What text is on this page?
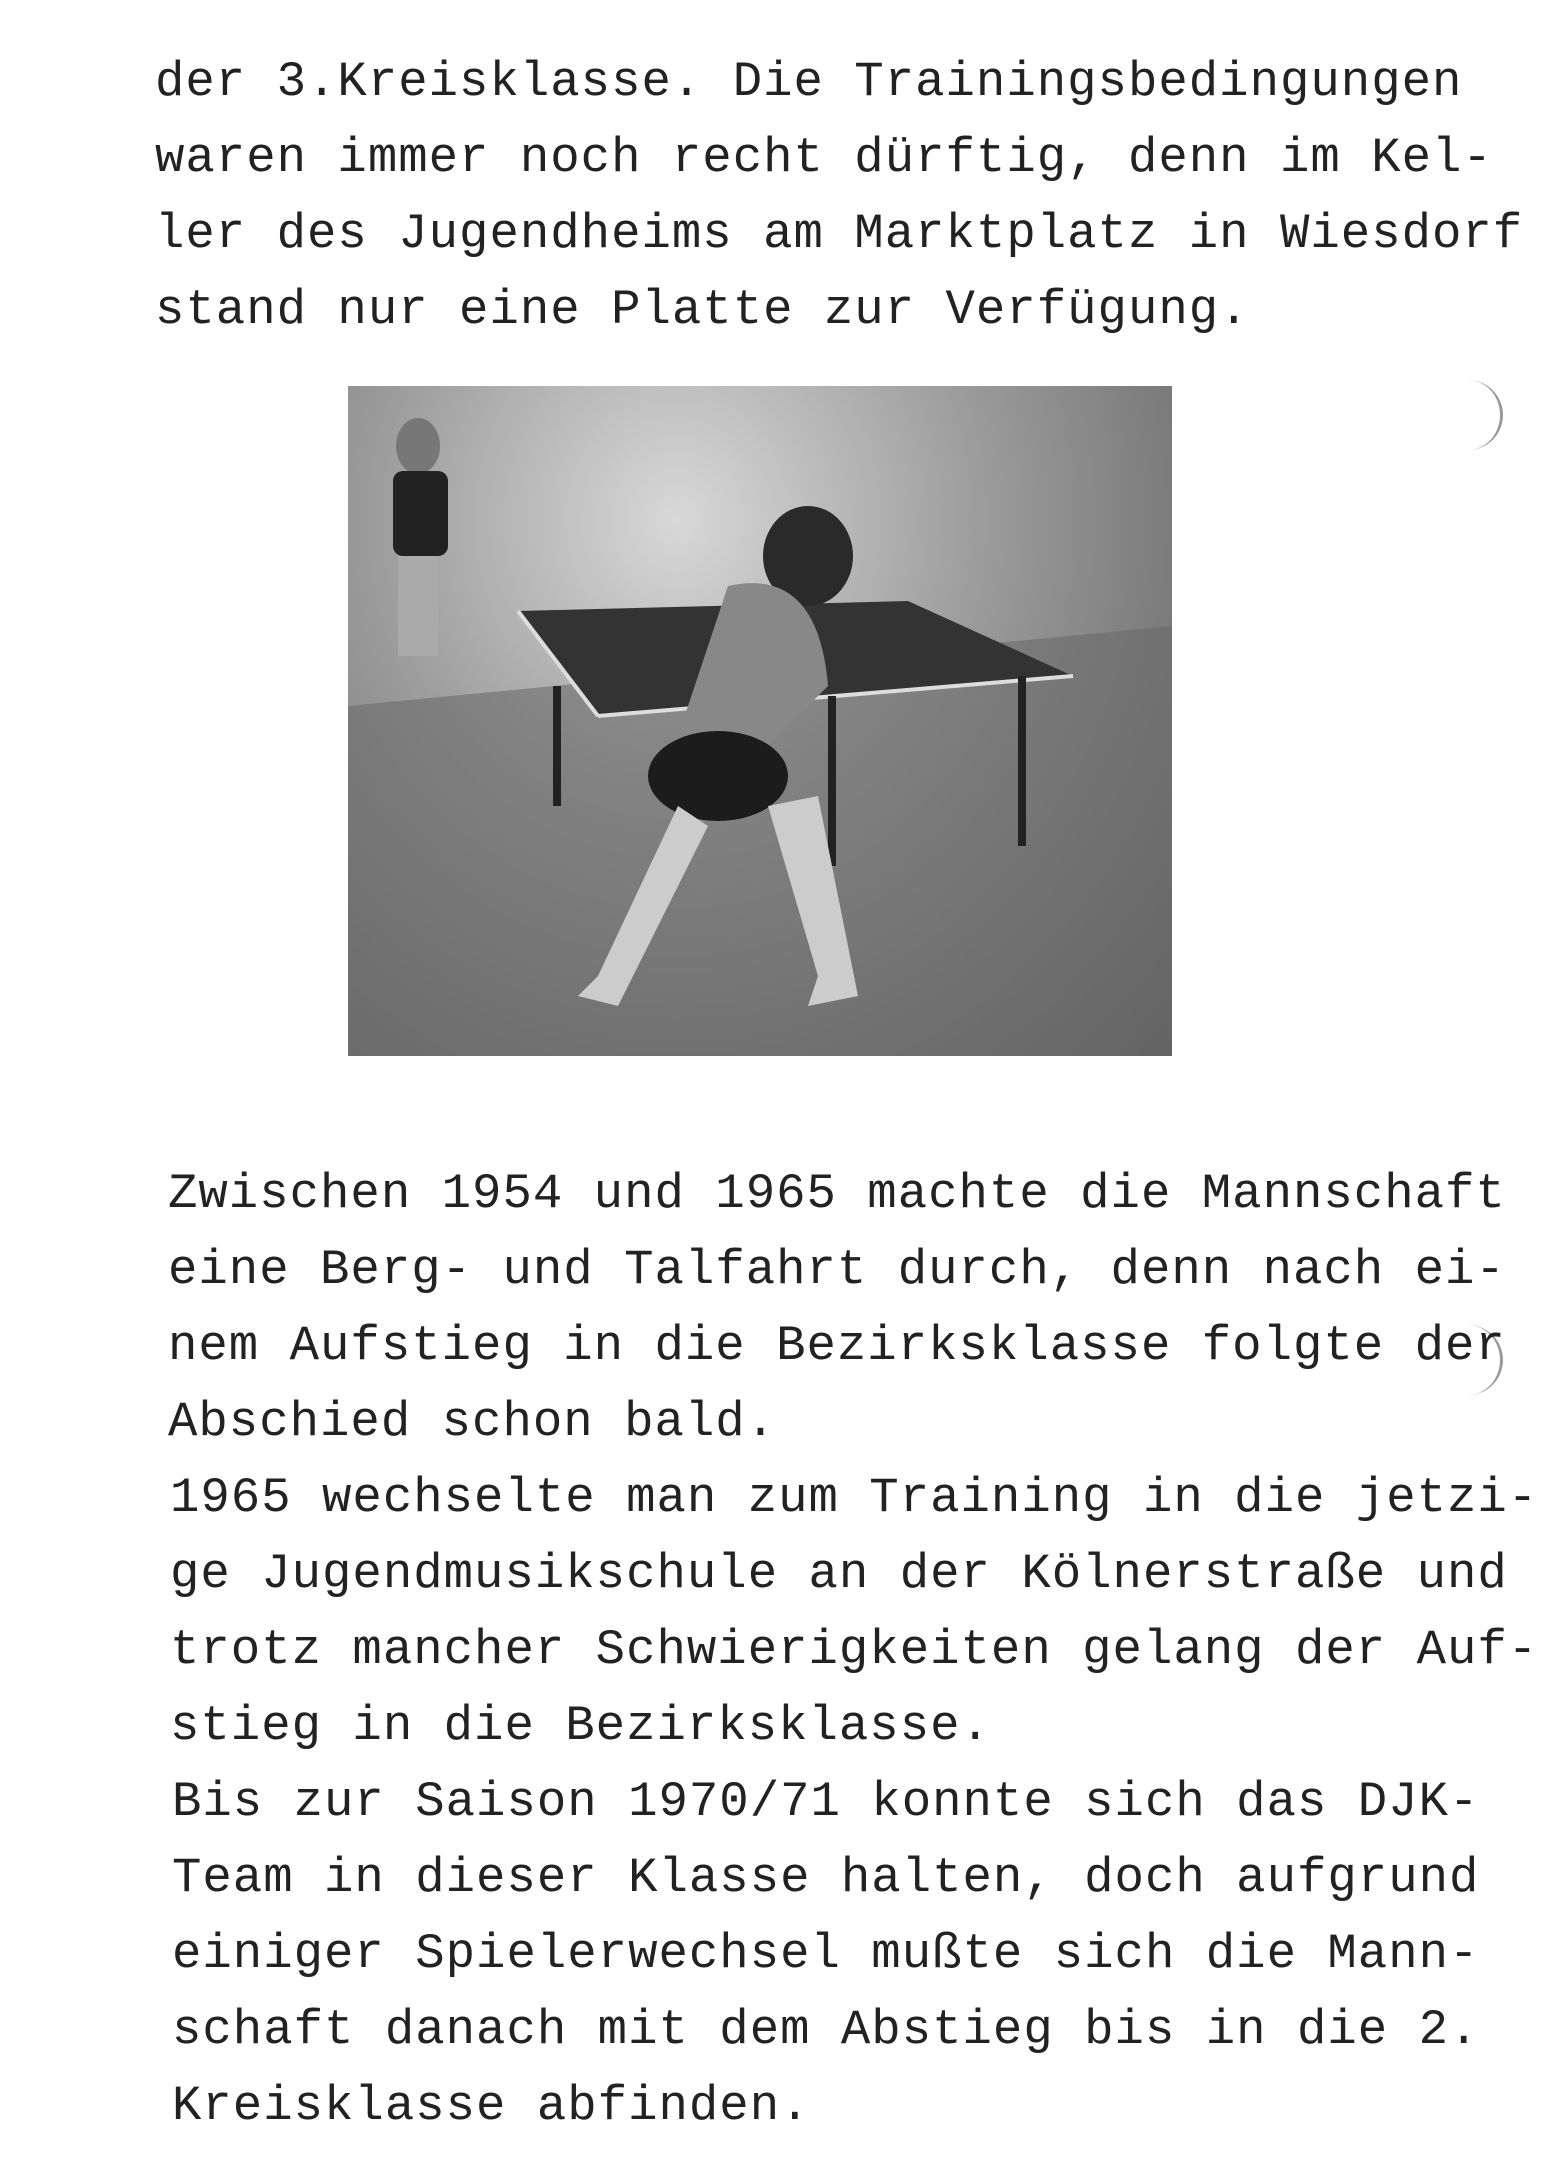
der 3.Kreisklasse. Die Trainingsbedingungen
waren immer noch recht dürftig, denn im Kel-
ler des Jugendheims am Marktplatz in Wiesdorf
stand nur eine Platte zur Verfügung.
Zwischen 1954 und 1965 machte die Mannschaft
eine Berg- und Talfahrt durch, denn nach ei-
nem Aufstieg in die Bezirksklasse folgte der
Abschied schon bald.
1965 wechselte man zum Training in die jetzi-
ge Jugendmusikschule an der Kölnerstraße und
trotz mancher Schwierigkeiten gelang der Auf-
stieg in die Bezirksklasse.
Bis zur Saison 1970/71 konnte sich das DJK-
Team in dieser Klasse halten, doch aufgrund
einiger Spielerwechsel mußte sich die Mann-
schaft danach mit dem Abstieg bis in die 2.
Kreisklasse abfinden.
